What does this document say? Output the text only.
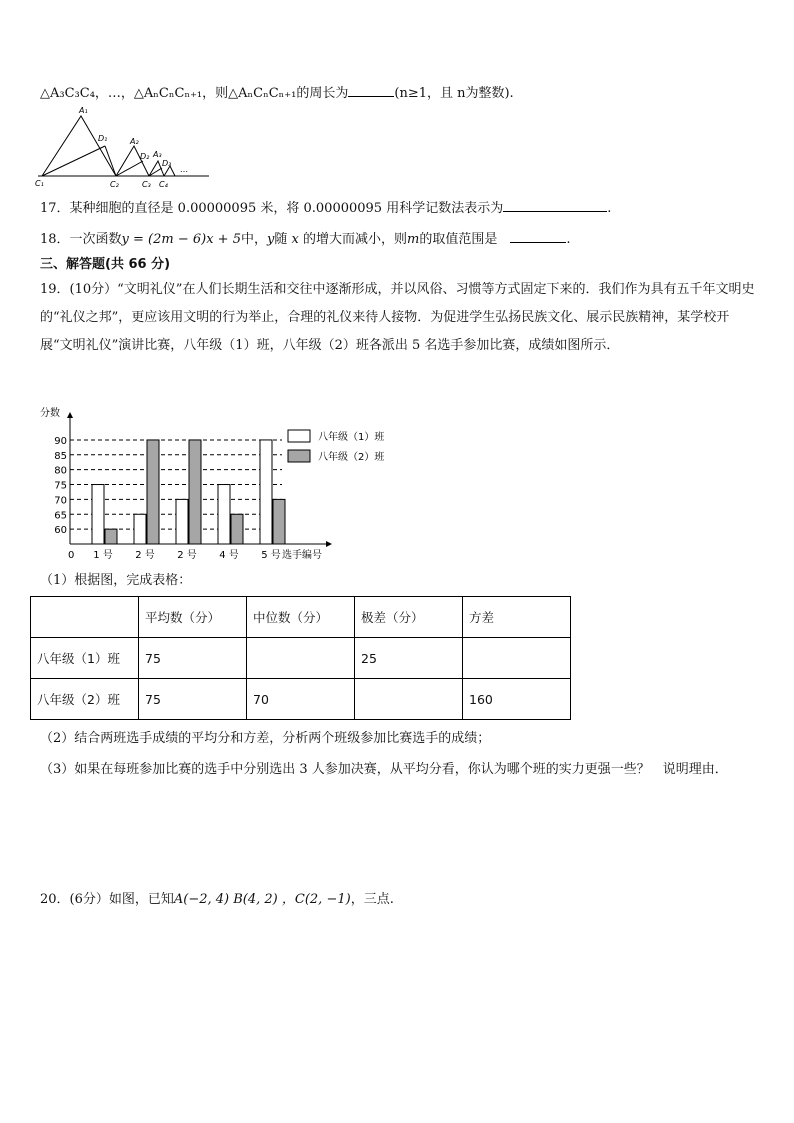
△A₃C₃C₄，…，△AₙCₙCₙ₊₁，则△AₙCₙCₙ₊₁的周长为	(n≥1，且 n为整数).
A₁
D₁	A₂
D₂ A₃
D₃
C₁	C₂	C₃ C₄
…
17．某种细胞的直径是 0.00000095 米，将 0.00000095 用科学记数法表示为	.
18．一次函数y = (2m − 6)x + 5中，y随 x 的增大而减小，则m的取值范围是　	.
三、解答题(共 66 分)
19．(10分）“文明礼仪”在人们长期生活和交往中逐渐形成，并以风俗、习惯等方式固定下来的．我们作为具有五千年文明史的“礼仪之邦”，更应该用文明的行为举止，合理的礼仪来待人接物．为促进学生弘扬民族文化、展示民族精神，某学校开展“文明礼仪”演讲比赛，八年级（1）班，八年级（2）班各派出 5 名选手参加比赛，成绩如图所示．
分数
60
65
70
75
80
85
90
0 1 号 2 号 2 号 4 号 5 号 选手编号
八年级（1）班
八年级（2）班
（1）根据图，完成表格：
	平均数（分）	中位数（分）	极差（分）	方差
八年级（1）班	75		25	
八年级（2）班	75	70		160
（2）结合两班选手成绩的平均分和方差，分析两个班级参加比赛选手的成绩；
（3）如果在每班参加比赛的选手中分别选出 3 人参加决赛，从平均分看，你认为哪个班的实力更强一些？　说明理由．
20．(6分）如图，已知A(−2, 4) B(4, 2) ，C(2, −1)，三点.
